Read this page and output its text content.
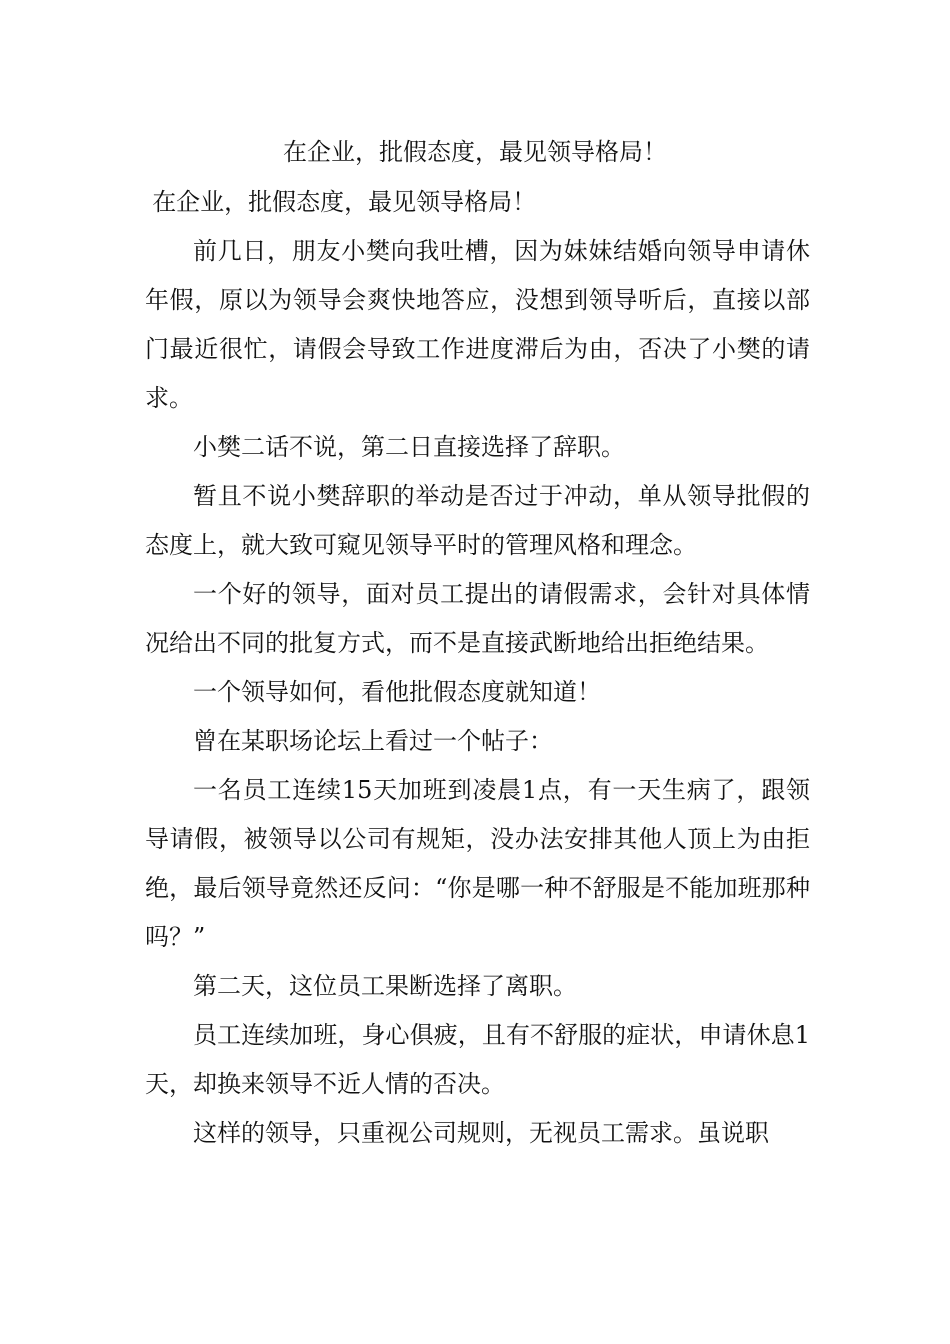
在企业，批假态度，最见领导格局！

在企业，批假态度，最见领导格局！

前几日，朋友小樊向我吐槽，因为妹妹结婚向领导申请休年假，原以为领导会爽快地答应，没想到领导听后，直接以部门最近很忙，请假会导致工作进度滞后为由，否决了小樊的请求。

小樊二话不说，第二日直接选择了辞职。

暂且不说小樊辞职的举动是否过于冲动，单从领导批假的态度上，就大致可窥见领导平时的管理风格和理念。

一个好的领导，面对员工提出的请假需求，会针对具体情况给出不同的批复方式，而不是直接武断地给出拒绝结果。

一个领导如何，看他批假态度就知道！

曾在某职场论坛上看过一个帖子：

一名员工连续15天加班到凌晨1点，有一天生病了，跟领导请假，被领导以公司有规矩，没办法安排其他人顶上为由拒绝，最后领导竟然还反问：“你是哪一种不舒服是不能加班那种吗？”

第二天，这位员工果断选择了离职。

员工连续加班，身心俱疲，且有不舒服的症状，申请休息1天，却换来领导不近人情的否决。

这样的领导，只重视公司规则，无视员工需求。虽说职
